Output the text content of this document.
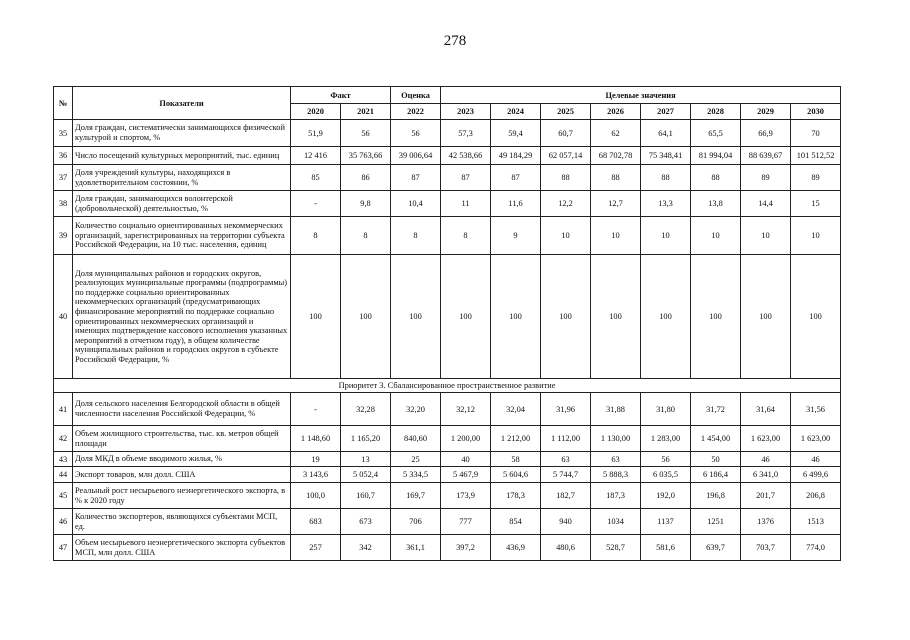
278
№	Показатели	Факт		Оценка	Целевые значения							
		2020	2021	2022	2023	2024	2025	2026	2027	2028	2029	2030
35	Доля граждан, систематически занимающихся физической культурой и спортом, %	51,9	56	56	57,3	59,4	60,7	62	64,1	65,5	66,9	70
36	Число посещений культурных мероприятий, тыс. единиц	12 416	35 763,66	39 006,64	42 538,66	49 184,29	62 057,14	68 702,78	75 348,41	81 994,04	88 639,67	101 512,52
37	Доля учреждений культуры, находящихся в удовлетворительном состоянии, %	85	86	87	87	87	88	88	88	88	89	89
38	Доля граждан, занимающихся волонтерской (добровольческой) деятельностью, %	-	9,8	10,4	11	11,6	12,2	12,7	13,3	13,8	14,4	15
39	Количество социально ориентированных некоммерческих организаций, зарегистрированных на территории субъекта Российской Федерации, на 10 тыс. населения, единиц	8	8	8	8	9	10	10	10	10	10	10
40	Доля муниципальных районов и городских округов, реализующих муниципальные программы (подпрограммы) по поддержке социально ориентированных некоммерческих организаций (предусматривающих финансирование мероприятий по поддержке социально ориентированных некоммерческих организаций и имеющих подтверждение кассового исполнения указанных мероприятий в отчетном году), в общем количестве муниципальных районов и городских округов в субъекте Российской Федерации, %	100	100	100	100	100	100	100	100	100	100	100
Приоритет 3. Сбалансированное пространственное развитие												
41	Доля сельского населения Белгородской области в общей численности населения Российской Федерации, %	-	32,28	32,20	32,12	32,04	31,96	31,88	31,80	31,72	31,64	31,56
42	Объем жилищного строительства, тыс. кв. метров общей площади	1 148,60	1 165,20	840,60	1 200,00	1 212,00	1 112,00	1 130,00	1 283,00	1 454,00	1 623,00	1 623,00
43	Доля МКД в объеме вводимого жилья, %	19	13	25	40	58	63	63	56	50	46	46
44	Экспорт товаров, млн долл. США	3 143,6	5 052,4	5 334,5	5 467,9	5 604,6	5 744,7	5 888,3	6 035,5	6 186,4	6 341,0	6 499,6
45	Реальный рост несырьевого неэнергетического экспорта, в % к 2020 году	100,0	160,7	169,7	173,9	178,3	182,7	187,3	192,0	196,8	201,7	206,8
46	Количество экспортеров, являющихся субъектами МСП, ед.	683	673	706	777	854	940	1034	1137	1251	1376	1513
47	Объем несырьевого неэнергетического экспорта субъектов МСП, млн долл. США	257	342	361,1	397,2	436,9	480,6	528,7	581,6	639,7	703,7	774,0
